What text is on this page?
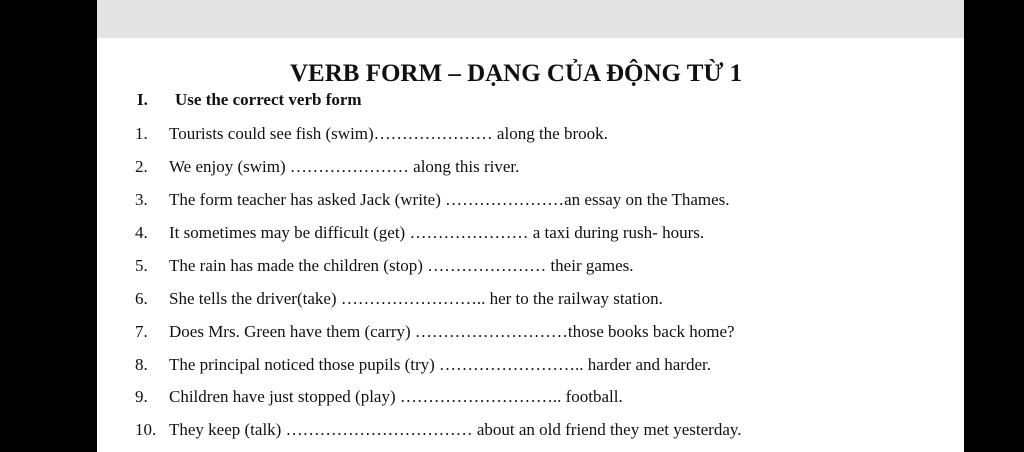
VERB FORM – DẠNG CỦA ĐỘNG TỪ 1
I. Use the correct verb form
1. Tourists could see fish (swim)………………… along the brook.
2. We enjoy (swim) ………………… along this river.
3. The form teacher has asked Jack (write) …………………an essay on the Thames.
4. It sometimes may be difficult (get) ………………… a taxi during rush- hours.
5. The rain has made the children (stop) ………………… their games.
6. She tells the driver(take) …………………….. her to the railway station.
7. Does Mrs. Green have them (carry) ………………………those books back home?
8. The principal noticed those pupils (try) …………………….. harder and harder.
9. Children have just stopped (play) ……………………….. football.
10. They keep (talk) …………………………… about an old friend they met yesterday.
